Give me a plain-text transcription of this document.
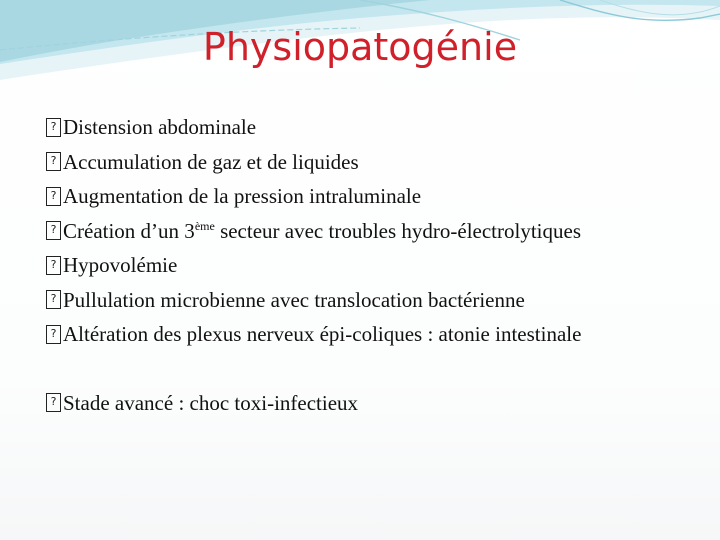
Physiopatogénie
?
Distension abdominale
?
Accumulation de gaz et de liquides
?
Augmentation de la pression intraluminale
?
Création d’un 3ème secteur avec troubles hydro-électrolytiques
?
Hypovolémie
?
Pullulation microbienne avec translocation bactérienne
?
Altération des plexus nerveux épi-coliques : atonie intestinale
?
Stade avancé : choc toxi-infectieux
